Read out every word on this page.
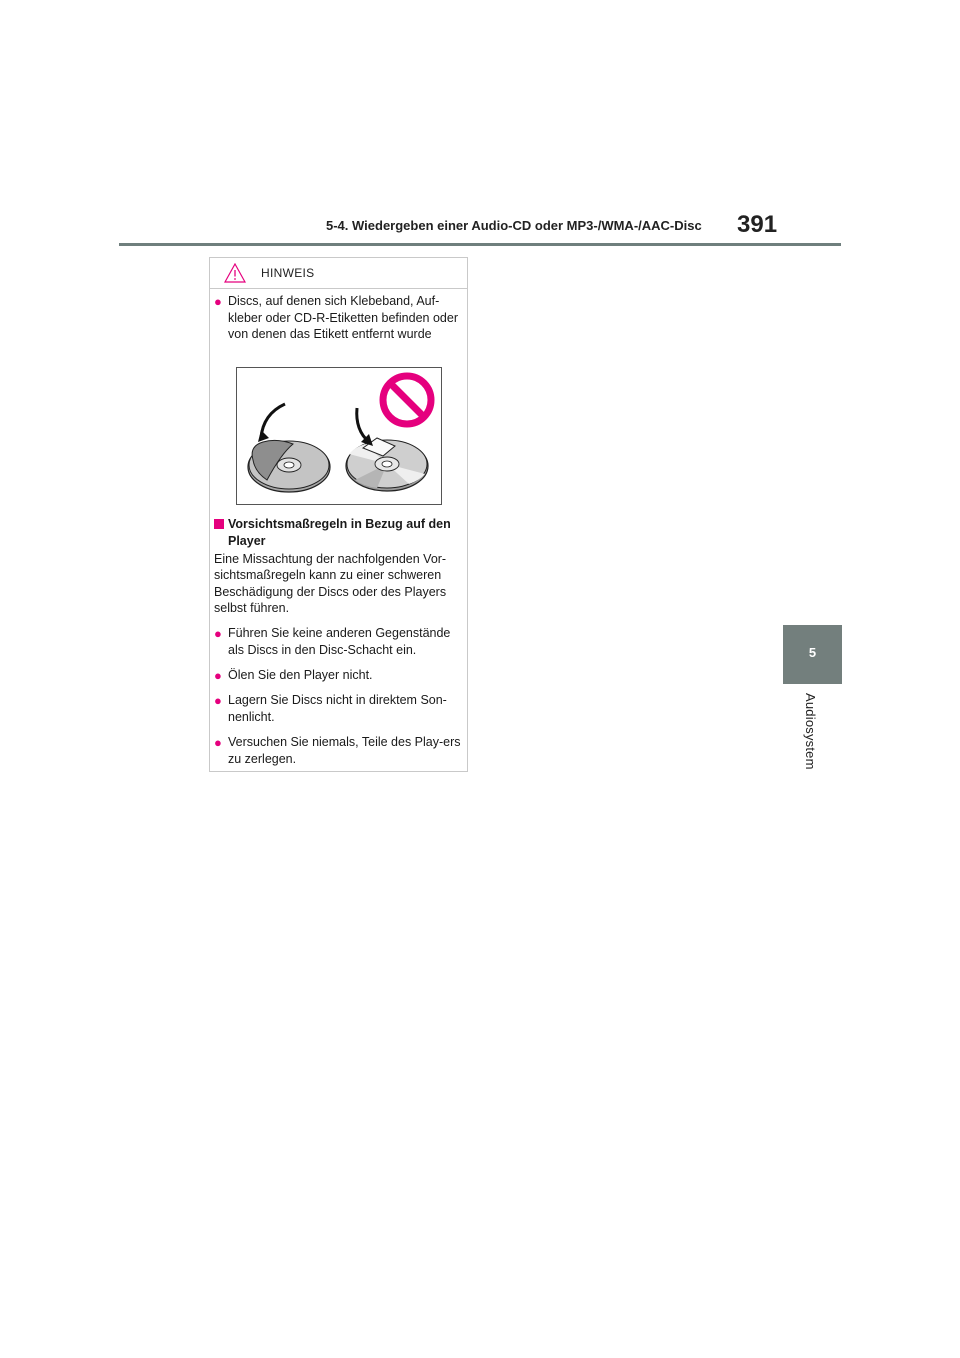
5-4. Wiedergeben einer Audio-CD oder MP3-/WMA-/AAC-Disc 391
5
Audiosystem
HINWEIS
● Discs, auf denen sich Klebeband, Auf-kleber oder CD-R-Etiketten befinden oder von denen das Etikett entfernt wurde
Vorsichtsmaßregeln in Bezug auf den Player
Eine Missachtung der nachfolgenden Vor-sichtsmaßregeln kann zu einer schweren Beschädigung der Discs oder des Players selbst führen.
● Führen Sie keine anderen Gegenstände als Discs in den Disc-Schacht ein.
● Ölen Sie den Player nicht.
● Lagern Sie Discs nicht in direktem Son-nenlicht.
● Versuchen Sie niemals, Teile des Play-ers zu zerlegen.
